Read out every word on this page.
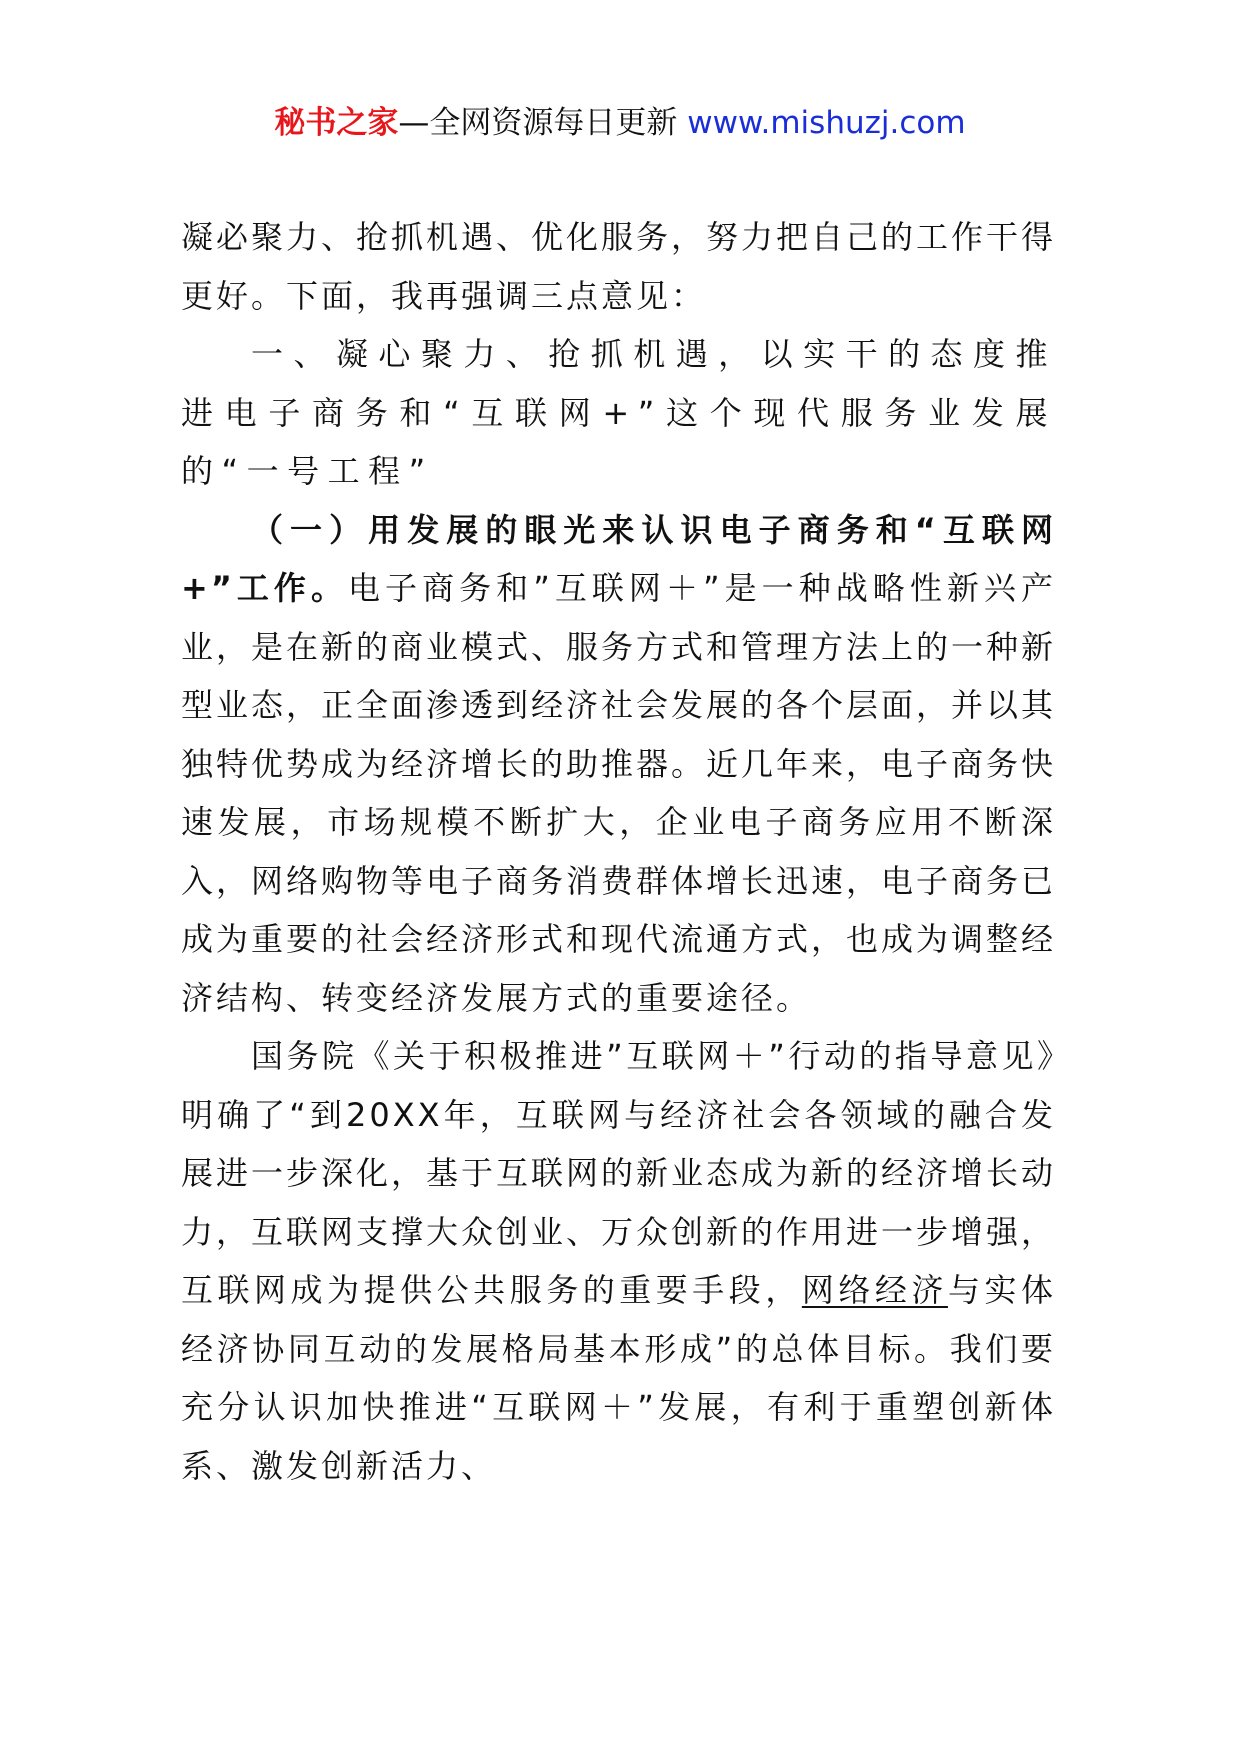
秘书之家—全网资源每日更新 www.mishuzj.com

凝必聚力、抢抓机遇、优化服务，努力把自己的工作干得更好。下面，我再强调三点意见：

一、凝心聚力、抢抓机遇，以实干的态度推进电子商务和“互联网+”这个现代服务业发展的“一号工程”

（一）用发展的眼光来认识电子商务和“互联网+”工作。电子商务和”互联网＋”是一种战略性新兴产业，是在新的商业模式、服务方式和管理方法上的一种新型业态，正全面渗透到经济社会发展的各个层面，并以其独特优势成为经济增长的助推器。近几年来，电子商务快速发展，市场规模不断扩大，企业电子商务应用不断深入，网络购物等电子商务消费群体增长迅速，电子商务已成为重要的社会经济形式和现代流通方式，也成为调整经济结构、转变经济发展方式的重要途径。

国务院《关于积极推进”互联网＋”行动的指导意见》明确了“到20XX年，互联网与经济社会各领域的融合发展进一步深化，基于互联网的新业态成为新的经济增长动力，互联网支撑大众创业、万众创新的作用进一步增强，互联网成为提供公共服务的重要手段，网络经济与实体经济协同互动的发展格局基本形成”的总体目标。我们要充分认识加快推进“互联网＋”发展，有利于重塑创新体系、激发创新活力、
